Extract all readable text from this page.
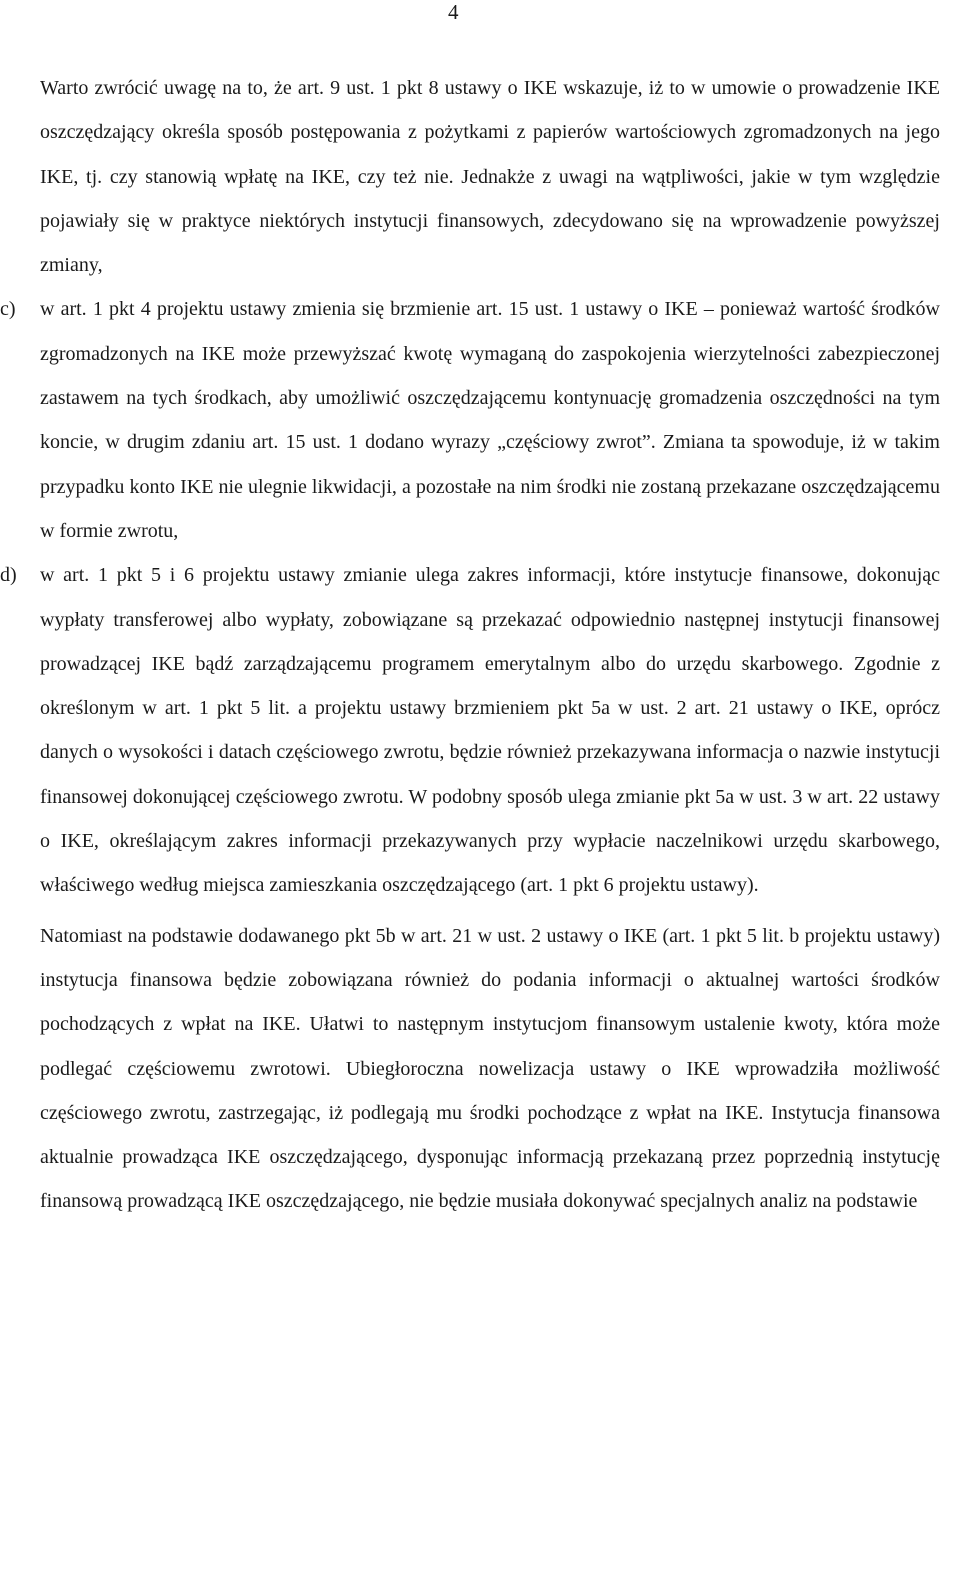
4

Warto zwrócić uwagę na to, że art. 9 ust. 1 pkt 8 ustawy o IKE wskazuje, iż to w umowie o prowadzenie IKE oszczędzający określa sposób postępowania z pożytkami z papierów wartościowych zgromadzonych na jego IKE, tj. czy stanowią wpłatę na IKE, czy też nie. Jednakże z uwagi na wątpliwości, jakie w tym względzie pojawiały się w praktyce niektórych instytucji finansowych, zdecydowano się na wprowadzenie powyższej zmiany,

c)	w art. 1 pkt 4 projektu ustawy zmienia się brzmienie art. 15 ust. 1 ustawy o IKE – ponieważ wartość środków zgromadzonych na IKE może przewyższać kwotę wymaganą do zaspokojenia wierzytelności zabezpieczonej zastawem na tych środkach, aby umożliwić oszczędzającemu kontynuację gromadzenia oszczędności na tym koncie, w drugim zdaniu art. 15 ust. 1 dodano wyrazy „częściowy zwrot”. Zmiana ta spowoduje, iż w takim przypadku konto IKE nie ulegnie likwidacji, a pozostałe na nim środki nie zostaną przekazane oszczędzającemu w formie zwrotu,
d)	w art. 1 pkt 5 i 6 projektu ustawy zmianie ulega zakres informacji, które instytucje finansowe, dokonując wypłaty transferowej albo wypłaty, zobowiązane są przekazać odpowiednio następnej instytucji finansowej prowadzącej IKE bądź zarządzającemu programem emerytalnym albo do urzędu skarbowego. Zgodnie z określonym w art. 1 pkt 5 lit. a projektu ustawy brzmieniem pkt 5a w ust. 2 art. 21 ustawy o IKE, oprócz danych o wysokości i datach częściowego zwrotu, będzie również przekazywana informacja o nazwie instytucji finansowej dokonującej częściowego zwrotu. W podobny sposób ulega zmianie pkt 5a w ust. 3 w art. 22 ustawy o IKE, określającym zakres informacji przekazywanych przy wypłacie naczelnikowi urzędu skarbowego, właściwego według miejsca zamieszkania oszczędzającego (art. 1 pkt 6 projektu ustawy).

Natomiast na podstawie dodawanego pkt 5b w art. 21 w ust. 2 ustawy o IKE (art. 1 pkt 5 lit. b projektu ustawy) instytucja finansowa będzie zobowiązana również do podania informacji o aktualnej wartości środków pochodzących z wpłat na IKE. Ułatwi to następnym instytucjom finansowym ustalenie kwoty, która może podlegać częściowemu zwrotowi. Ubiegłoroczna nowelizacja ustawy o IKE wprowadziła możliwość częściowego zwrotu, zastrzegając, iż podlegają mu środki pochodzące z wpłat na IKE. Instytucja finansowa aktualnie prowadząca IKE oszczędzającego, dysponując informacją przekazaną przez poprzednią instytucję finansową prowadzącą IKE oszczędzającego, nie będzie musiała dokonywać specjalnych analiz na podstawie
